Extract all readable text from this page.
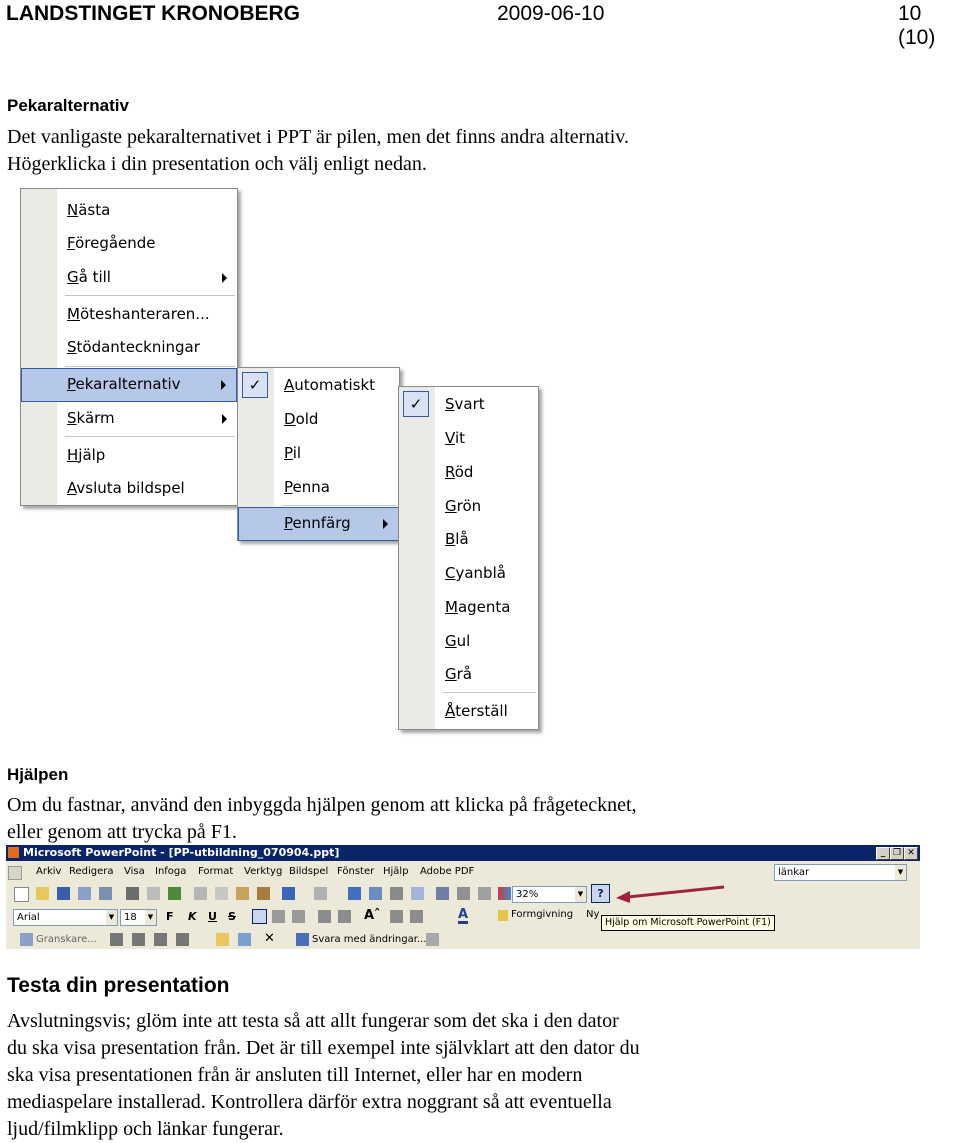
LANDSTINGET KRONOBERG	2009-06-10	10 (10)
Pekaralternativ
Det vanligaste pekaralternativet i PPT är pilen, men det finns andra alternativ.
Högerklicka i din presentation och välj enligt nedan.
Nästa
Föregående
Gå till
Möteshanteraren...
Stödanteckningar
Pekaralternativ
Skärm
Hjälp
Avsluta bildspel
✓	Automatiskt
Dold
Pil
Penna
Pennfärg
✓	Svart
Vit
Röd
Grön
Blå
Cyanblå
Magenta
Gul
Grå
Återställ
Hjälpen
Om du fastnar, använd den inbyggda hjälpen genom att klicka på frågetecknet,
eller genom att trycka på F1.
Microsoft PowerPoint - [PP-utbildning_070904.ppt]	_ ❐ ✕
Arkiv Redigera Visa Infoga Format Verktyg Bildspel Fönster Hjälp Adobe PDF	länkar	▼
32%	▼	?
Arial	▼ 18	▼ F K U S	Aˆ	A	Formgivning Ny
Hjälp om Microsoft PowerPoint (F1)
Granskare...	✕	Svara med ändringar...
Testa din presentation
Avslutningsvis; glöm inte att testa så att allt fungerar som det ska i den dator
du ska visa presentation från. Det är till exempel inte självklart att den dator du
ska visa presentationen från är ansluten till Internet, eller har en modern
mediaspelare installerad. Kontrollera därför extra noggrant så att eventuella
ljud/filmklipp och länkar fungerar.
